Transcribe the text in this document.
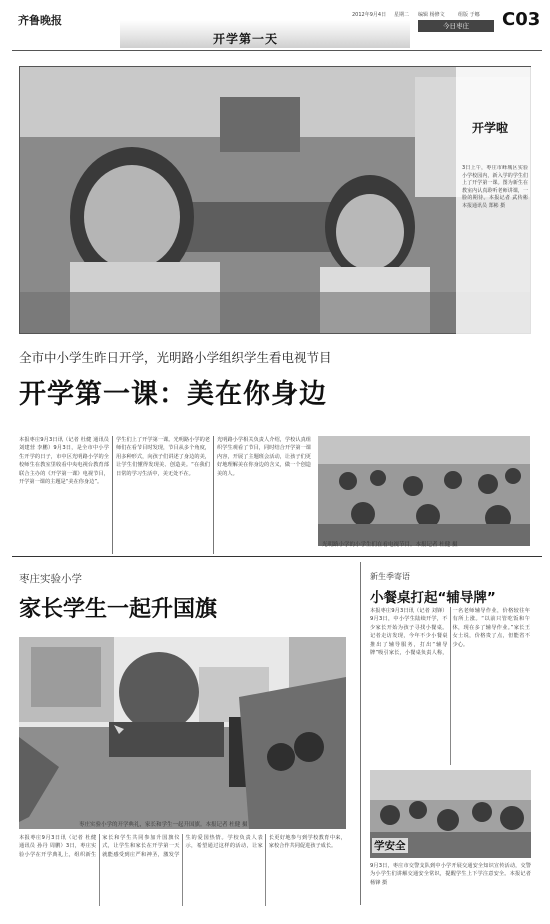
齐鲁晚报
开学第一天
2012年9月4日 星期二 编辑 杨修文	组版 于娜
今日枣庄	C03
开学啦
3日上午，枣庄市峄城区实验小学校园内，新入学的学生们上了开学第一课。图为新生在教室内认真聆听老师讲课，一脸的期待。本报记者 武传彬 本报通讯员 郑彬 摄
全市中小学生昨日开学，光明路小学组织学生看电视节目
开学第一课：美在你身边
本报枣庄9月3日讯（记者 杜健 通讯员 刘建营 李鹏）9月3日，是全市中小学生开学的日子，市中区光明路小学的全校师生在教室里收看中央电视台教育部联合主办的《开学第一课》电视节目，开学第一课的主题是“美在你身边”。
学生们上了开学第一课。光明路小学的老师们在看节目时发现，节目从多个角度，用多种形式，向孩子们讲述了身边的美，让学生们懂得发现美、创造美。“在我们日常的学习生活中，美无处不在。
光明路小学相关负责人介绍，学校认真组织学生观看了节目，同时结合开学第一课内容，开展了主题班会活动，让孩子们更好地理解美在你身边的含义，做一个创造美的人。
光明路小学的小学生们在看电视节目。本报记者 杜健 摄
枣庄实验小学
家长学生一起升国旗
枣庄实验小学的开学典礼，家长和学生一起升国旗。本报记者 杜健 摄
本报枣庄9月3日讯（记者 杜健 通讯员 孙丹 周鹏）3日，枣庄实验小学在开学典礼上，组织新生家长和学生共同参加升国旗仪式，让学生和家长在开学第一天就能感受到庄严和神圣，激发学生的爱国热情。学校负责人表示，希望通过这样的活动，让家长更好地参与到学校教育中来，家校合作共同促进孩子成长。
新生季寄语
小餐桌打起“辅导牌”
本报枣庄9月3日讯（记者 刘锋）9月3日，中小学生陆续开学，不少家长开始为孩子寻找小餐桌。记者走访发现，今年不少小餐桌推出了辅导服务，打出“辅导牌”吸引家长，小餐桌负责人称，一名老师辅导作业，价格较往年有所上涨。“以前只管吃饭和午休，现在多了辅导作业。”家长王女士说，价格贵了点，但能省不少心。
学安全
9月3日，枣庄市交警支队到中小学开展交通安全知识宣传活动，交警为小学生们讲解交通安全常识，提醒学生上下学注意安全。本报记者 杨锋 摄
